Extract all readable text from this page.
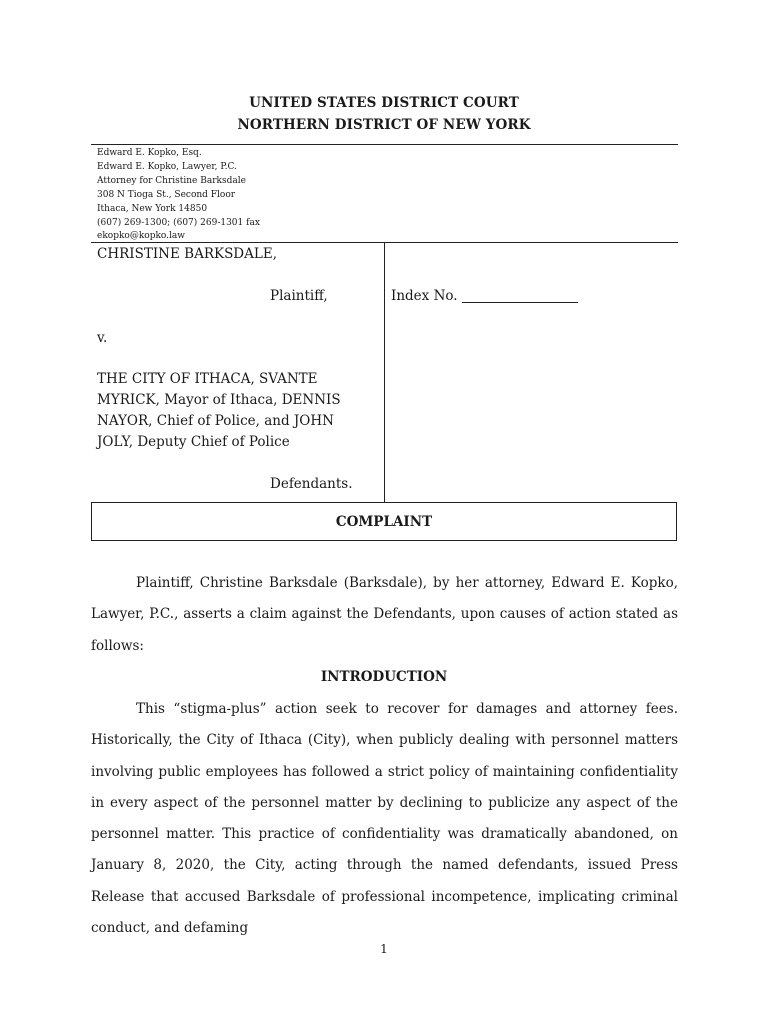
UNITED STATES DISTRICT COURT
NORTHERN DISTRICT OF NEW YORK
Edward E. Kopko, Esq.
Edward E. Kopko, Lawyer, P.C.
Attorney for Christine Barksdale
308 N Tioga St., Second Floor
Ithaca, New York 14850
(607) 269-1300; (607) 269-1301 fax
ekopko@kopko.law
CHRISTINE BARKSDALE,
Plaintiff,	Index No.
v.
THE CITY OF ITHACA, SVANTE
MYRICK, Mayor of Ithaca, DENNIS
NAYOR, Chief of Police, and JOHN
JOLY, Deputy Chief of Police
Defendants.
COMPLAINT

Plaintiff, Christine Barksdale (Barksdale), by her attorney, Edward E. Kopko, Lawyer, P.C., asserts a claim against the Defendants, upon causes of action stated as follows:

INTRODUCTION

This “stigma-plus” action seek to recover for damages and attorney fees. Historically, the City of Ithaca (City), when publicly dealing with personnel matters involving public employees has followed a strict policy of maintaining confidentiality in every aspect of the personnel matter by declining to publicize any aspect of the personnel matter. This practice of confidentiality was dramatically abandoned, on January 8, 2020, the City, acting through the named defendants, issued Press Release that accused Barksdale of professional incompetence, implicating criminal conduct, and defaming

1
